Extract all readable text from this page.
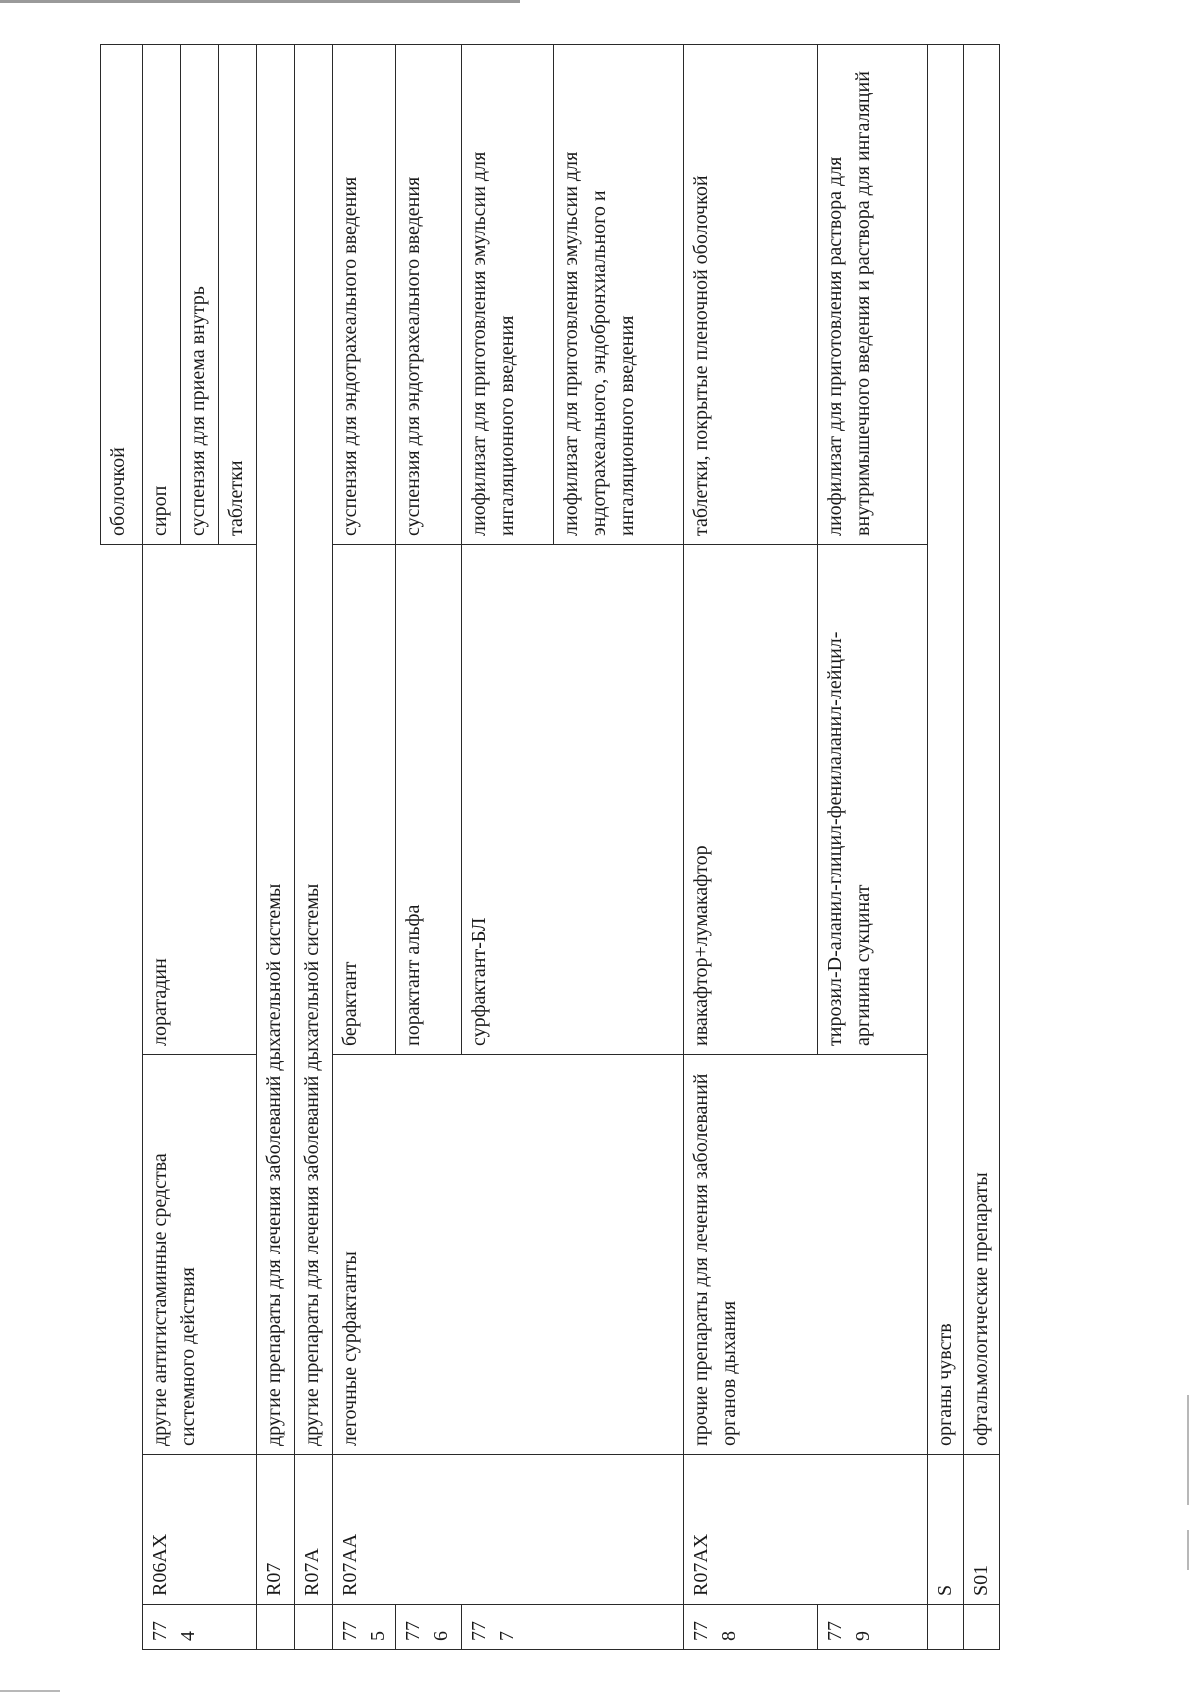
				оболочкой
774	R06AX	другие антигистаминные средства системного действия	лоратадин	сироп
				суспензия для приема внутрь
				таблетки
	R07	другие препараты для лечения заболеваний дыхательной системы		
	R07A	другие препараты для лечения заболеваний дыхательной системы		
775	R07AA	легочные сурфактанты	берактант	суспензия для эндотрахеального введения
776			порактант альфа	суспензия для эндотрахеального введения
777			сурфактант-БЛ	лиофилизат для приготовления эмульсии для ингаляционного введения
				лиофилизат для приготовления эмульсии для эндотрахеального, эндобронхиального и ингаляционного введения
778	R07AX	прочие препараты для лечения заболеваний органов дыхания	ивакафтор+лумакафтор	таблетки, покрытые пленочной оболочкой
779			тирозил-D-аланил-глицил-фенилаланил-лейцил-аргинина сукцинат	лиофилизат для приготовления раствора для внутримышечного введения и раствора для ингаляций
	S	органы чувств		
	S01	офтальмологические препараты		
